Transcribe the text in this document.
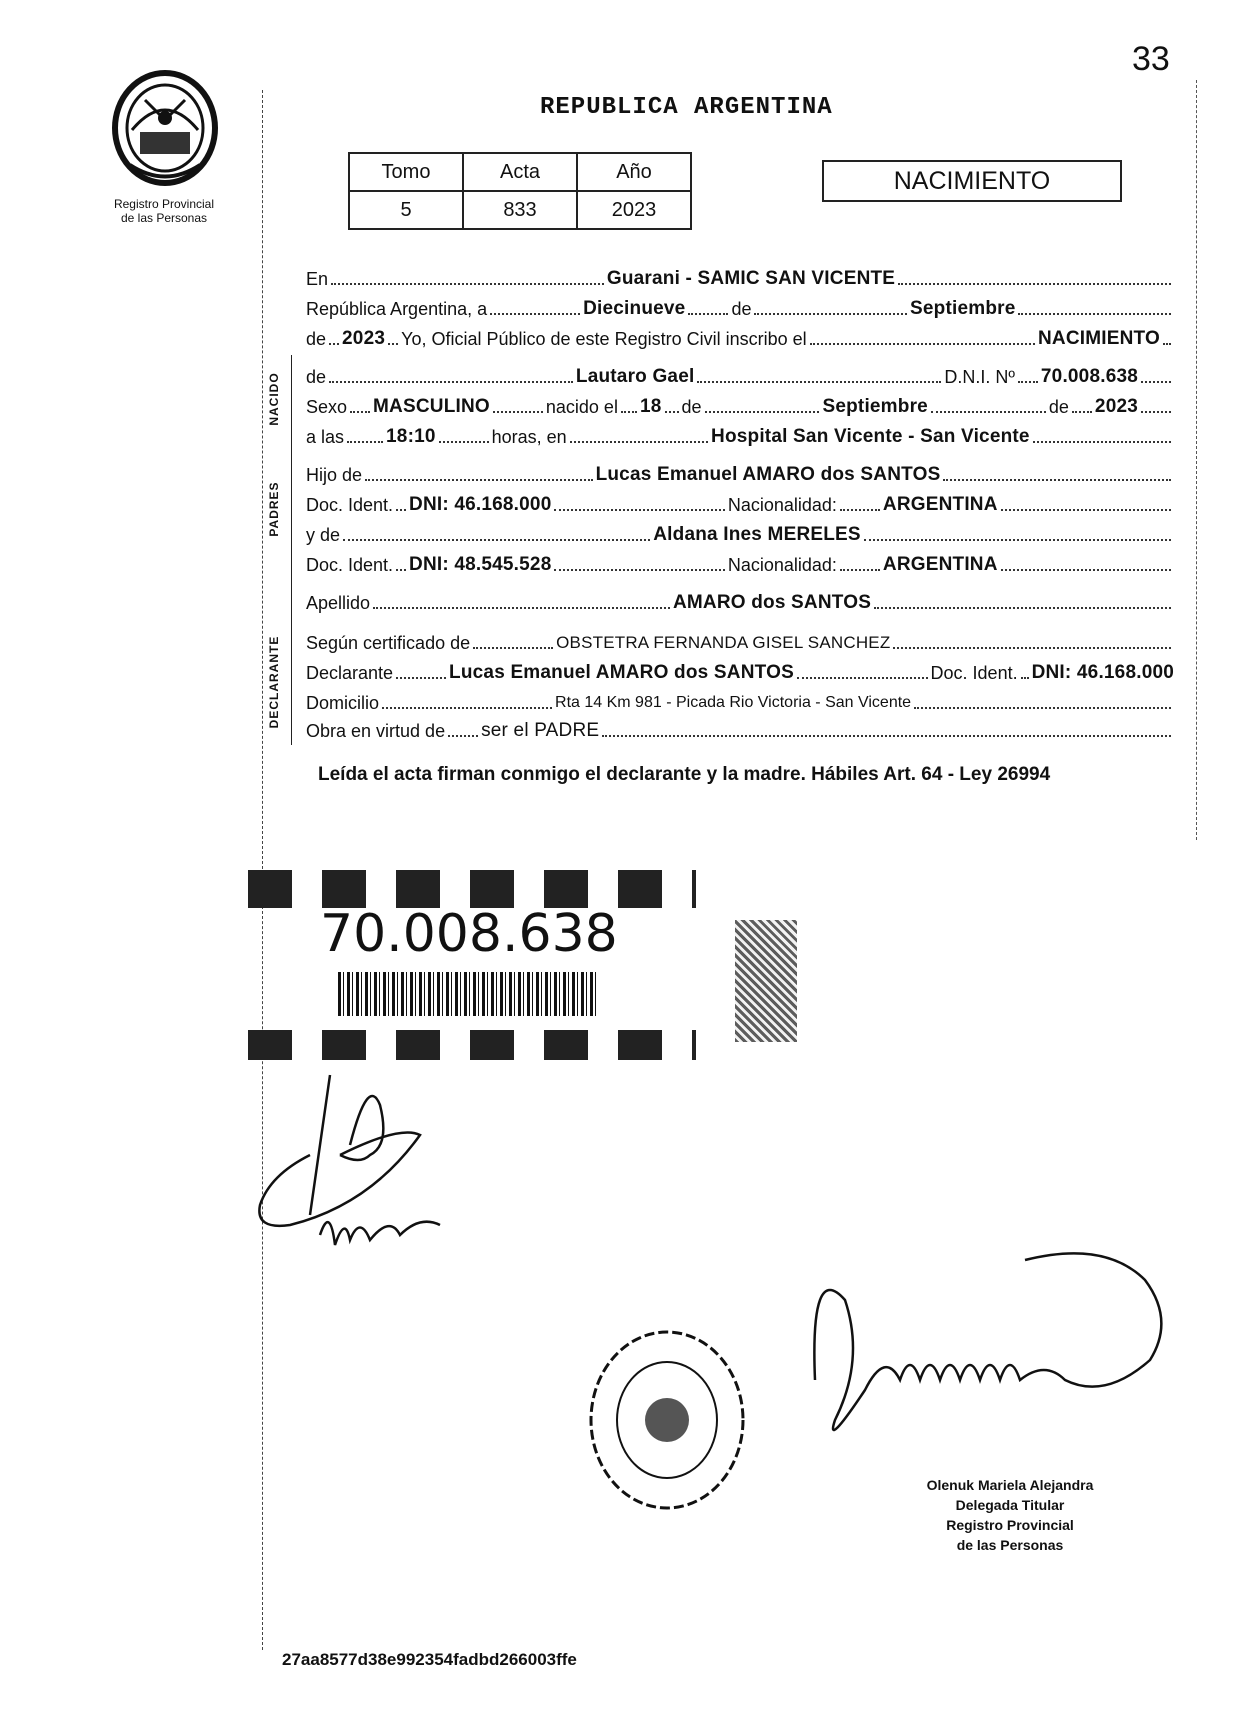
33
Registro Provincial
de las Personas
REPUBLICA ARGENTINA
Tomo	Acta	Año
5	833	2023
NACIMIENTO
NACIDO
PADRES
DECLARANTE
En	Guarani - SAMIC SAN VICENTE
República Argentina, a	Diecinueve	de	Septiembre
de 2023 Yo, Oficial Público de este Registro Civil inscribo el	NACIMIENTO
de	Lautaro Gael	D.N.I. Nº 70.008.638
Sexo MASCULINO	nacido el 18 de	Septiembre	de 2023
a las 18:10	horas, en	Hospital San Vicente - San Vicente
Hijo de	Lucas Emanuel AMARO dos SANTOS
Doc. Ident. DNI: 46.168.000	Nacionalidad: ARGENTINA
y de	Aldana Ines MERELES
Doc. Ident. DNI: 48.545.528	Nacionalidad: ARGENTINA
Apellido	AMARO dos SANTOS
Según certificado de	OBSTETRA FERNANDA GISEL SANCHEZ
Declarante	Lucas Emanuel AMARO dos SANTOS	Doc. Ident. DNI: 46.168.000
Domicilio	Rta 14 Km 981 - Picada Rio Victoria - San Vicente
Obra en virtud de ser el PADRE
Leída el acta firman conmigo el declarante y la madre. Hábiles Art. 64 - Ley 26994
70.008.638
Olenuk Mariela Alejandra
Delegada Titular
Registro Provincial
de las Personas
27aa8577d38e992354fadbd266003ffe
